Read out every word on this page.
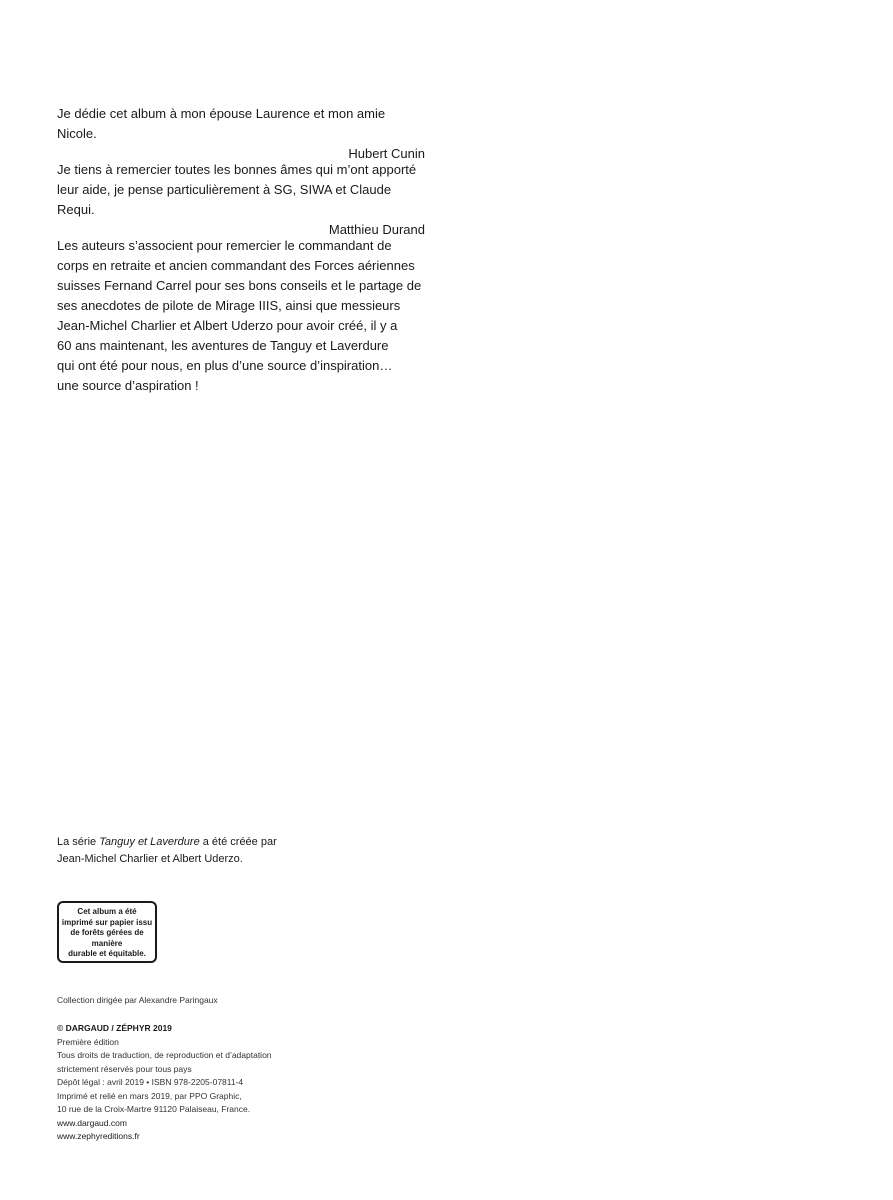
Je dédie cet album à mon épouse Laurence et mon amie Nicole.

Hubert Cunin

Je tiens à remercier toutes les bonnes âmes qui m’ont apporté

leur aide, je pense particulièrement à SG, SIWA et Claude Requi.

Matthieu Durand

Les auteurs s’associent pour remercier le commandant de

corps en retraite et ancien commandant des Forces aériennes

suisses Fernand Carrel pour ses bons conseils et le partage de

ses anecdotes de pilote de Mirage IIIS, ainsi que messieurs

Jean-Michel Charlier et Albert Uderzo pour avoir créé, il y a

60 ans maintenant, les aventures de Tanguy et Laverdure

qui ont été pour nous, en plus d’une source d’inspiration…

une source d’aspiration !

La série Tanguy et Laverdure a été créée par

Jean-Michel Charlier et Albert Uderzo.

Cet album a été
imprimé sur papier issu
de forêts gérées de
manière
durable et équitable.
Collection dirigée par Alexandre Paringaux
© DARGAUD / ZÉPHYR 2019
Première édition
Tous droits de traduction, de reproduction et d’adaptation
strictement réservés pour tous pays
Dépôt légal : avril 2019 • ISBN 978-2205-07811-4
Imprimé et relié en mars 2019, par PPO Graphic,
10 rue de la Croix-Martre 91120 Palaiseau, France.
www.dargaud.com
www.zephyreditions.fr
